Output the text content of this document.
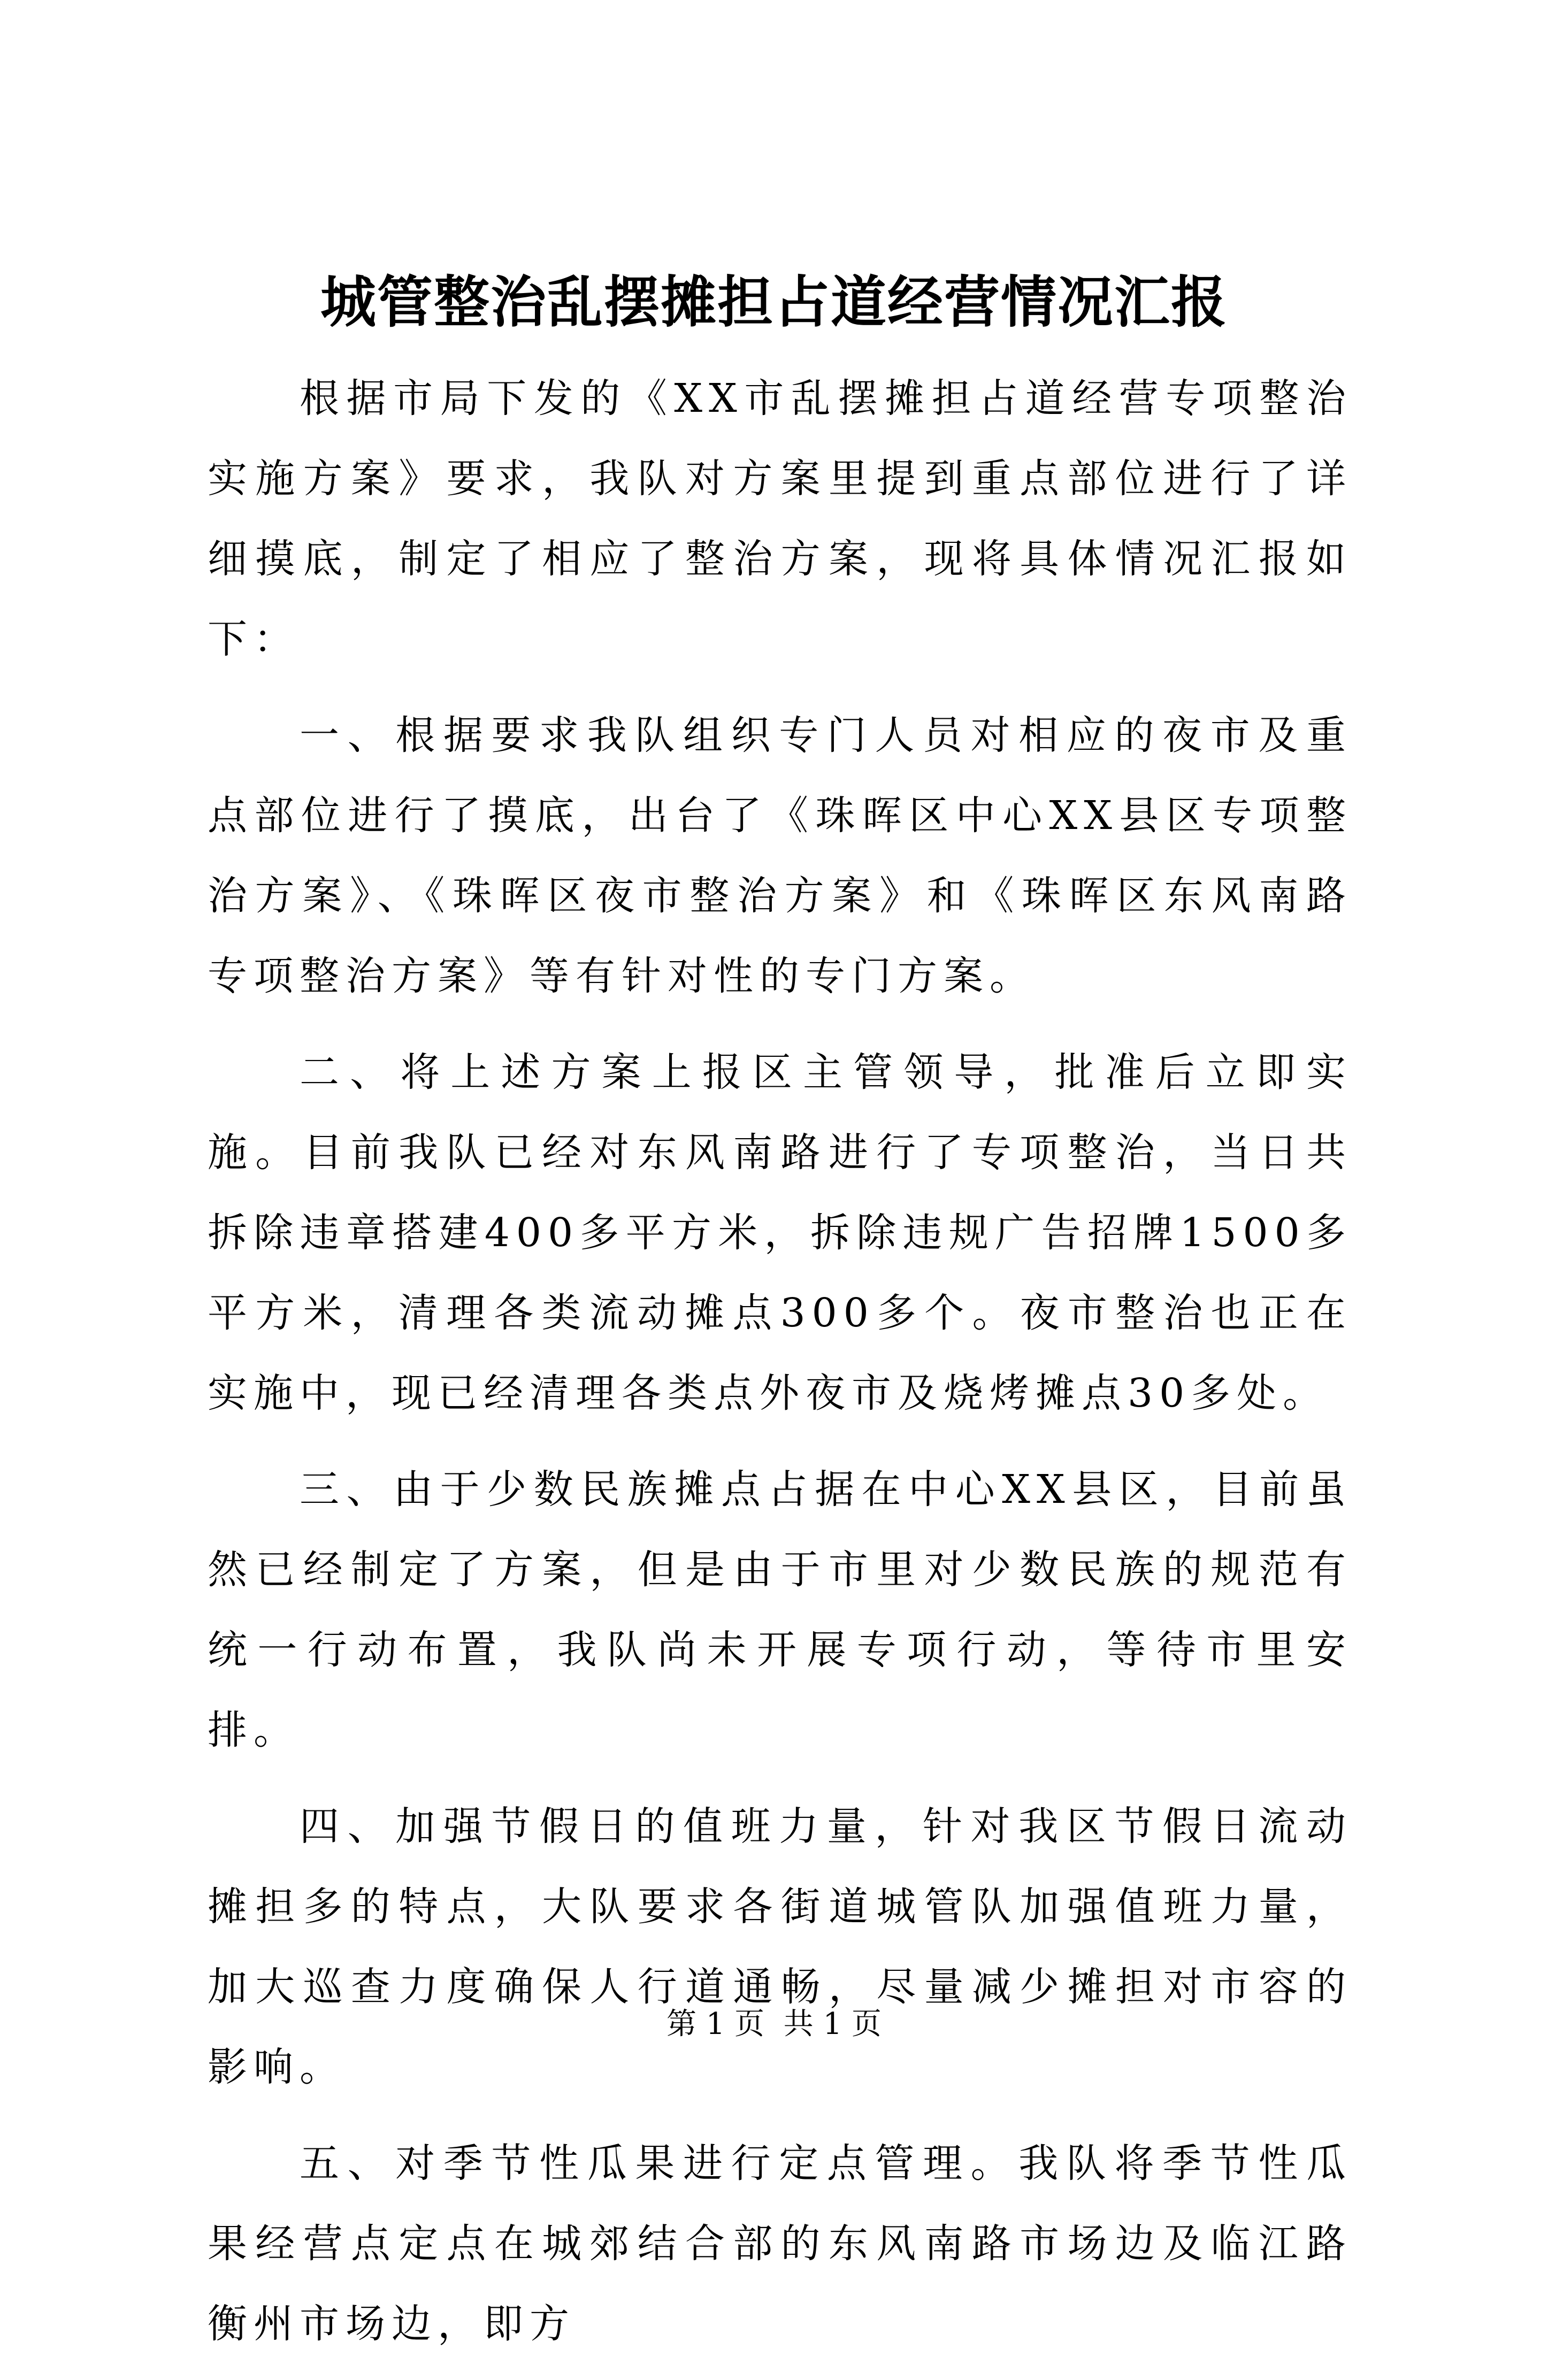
城管整治乱摆摊担占道经营情况汇报

根据市局下发的《XX市乱摆摊担占道经营专项整治实施方案》要求，我队对方案里提到重点部位进行了详细摸底，制定了相应了整治方案，现将具体情况汇报如下：

一、根据要求我队组织专门人员对相应的夜市及重点部位进行了摸底，出台了《珠晖区中心XX县区专项整治方案》、《珠晖区夜市整治方案》和《珠晖区东风南路专项整治方案》等有针对性的专门方案。

二、将上述方案上报区主管领导，批准后立即实施。目前我队已经对东风南路进行了专项整治，当日共拆除违章搭建400多平方米，拆除违规广告招牌1500多平方米，清理各类流动摊点300多个。夜市整治也正在实施中，现已经清理各类点外夜市及烧烤摊点30多处。

三、由于少数民族摊点占据在中心XX县区，目前虽然已经制定了方案，但是由于市里对少数民族的规范有统一行动布置，我队尚未开展专项行动，等待市里安排。

四、加强节假日的值班力量，针对我区节假日流动摊担多的特点，大队要求各街道城管队加强值班力量，加大巡查力度确保人行道通畅，尽量减少摊担对市容的影响。

五、对季节性瓜果进行定点管理。我队将季节性瓜果经营点定点在城郊结合部的东风南路市场边及临江路衡州市场边，即方

第 1 页 共 1 页
